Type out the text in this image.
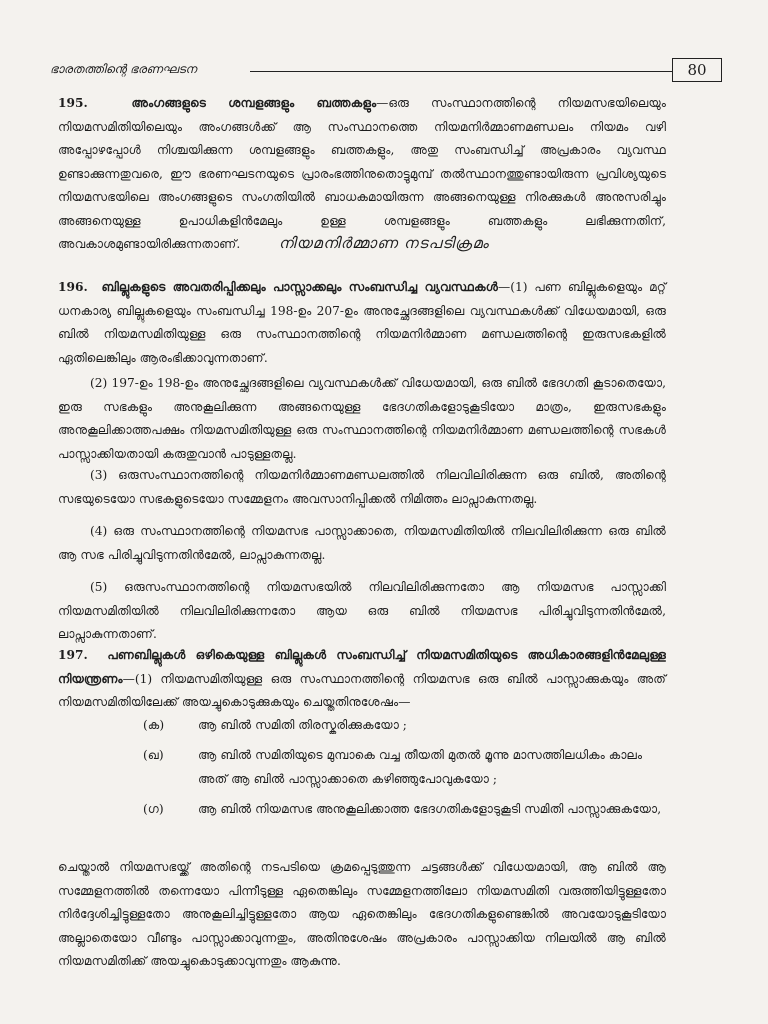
ഭാരതത്തിന്റെ ഭരണഘടന	80

195.	അംഗങ്ങളുടെ ശമ്പളങ്ങളും ബത്തകളും—ഒരു സംസ്ഥാനത്തിന്റെ നിയമസഭയിലെയും നിയമസമിതിയിലെയും അംഗങ്ങൾക്ക് ആ സംസ്ഥാനത്തെ നിയമനിർമ്മാണമണ്ഡലം നിയമം വഴി അപ്പോഴപ്പോൾ നിശ്ചയിക്കുന്ന ശമ്പളങ്ങളും ബത്തകളും, അതു സംബന്ധിച്ച് അപ്രകാരം വ്യവസ്ഥ ഉണ്ടാക്കുന്നതുവരെ, ഈ ഭരണഘടനയുടെ പ്രാരംഭത്തിനുതൊട്ടുമുമ്പ് തൽസ്ഥാനത്തുണ്ടായിരുന്ന പ്രവിശ്യയുടെ നിയമസഭയിലെ അംഗങ്ങളുടെ സംഗതിയിൽ ബാധകമായിരുന്ന അങ്ങനെയുള്ള നിരക്കുകൾ അനുസരിച്ചും അങ്ങനെയുള്ള ഉപാധികളിൻമേലും ഉള്ള ശമ്പളങ്ങളും ബത്തകളും ലഭിക്കുന്നതിന്, അവകാശമുണ്ടായിരിക്കുന്നതാണ്.	നിയമനിർമ്മാണ നടപടിക്രമം

196. ബില്ലുകളുടെ അവതരിപ്പിക്കലും പാസ്സാക്കലും സംബന്ധിച്ച വ്യവസ്ഥകൾ—(1) പണ ബില്ലുകളെയും മറ്റ് ധനകാര്യ ബില്ലുകളെയും സംബന്ധിച്ച 198-ഉം 207-ഉം അനുച്ഛേദങ്ങളിലെ വ്യവസ്ഥകൾക്ക് വിധേയമായി, ഒരു ബിൽ നിയമസമിതിയുള്ള ഒരു സംസ്ഥാനത്തിന്റെ നിയമനിർമ്മാണ മണ്ഡലത്തിന്റെ ഇരുസഭകളിൽ ഏതിലെങ്കിലും ആരംഭിക്കാവുന്നതാണ്.

(2) 197-ഉം 198-ഉം അനുച്ഛേദങ്ങളിലെ വ്യവസ്ഥകൾക്ക് വിധേയമായി, ഒരു ബിൽ ഭേദഗതി കൂടാതെയോ, ഇരു സഭകളും അനുകൂലിക്കുന്ന അങ്ങനെയുള്ള ഭേദഗതികളോടുകൂടിയോ മാത്രം, ഇരുസഭകളും അനുകൂലിക്കാത്തപക്ഷം നിയമസമിതിയുള്ള ഒരു സംസ്ഥാനത്തിന്റെ നിയമനിർമ്മാണ മണ്ഡലത്തിന്റെ സഭകൾ പാസ്സാക്കിയതായി കരുതുവാൻ പാടുള്ളതല്ല.

(3) ഒരുസംസ്ഥാനത്തിന്റെ നിയമനിർമ്മാണമണ്ഡലത്തിൽ നിലവിലിരിക്കുന്ന ഒരു ബിൽ, അതിന്റെ സഭയുടെയോ സഭകളുടെയോ സമ്മേളനം അവസാനിപ്പിക്കൽ നിമിത്തം ലാപ്സാകുന്നതല്ല.

(4) ഒരു സംസ്ഥാനത്തിന്റെ നിയമസഭ പാസ്സാക്കാതെ, നിയമസമിതിയിൽ നിലവിലിരിക്കുന്ന ഒരു ബിൽ ആ സഭ പിരിച്ചുവിടുന്നതിൻമേൽ, ലാപ്സാകുന്നതല്ല.

(5) ഒരുസംസ്ഥാനത്തിന്റെ നിയമസഭയിൽ നിലവിലിരിക്കുന്നതോ ആ നിയമസഭ പാസ്സാക്കി നിയമസമിതിയിൽ നിലവിലിരിക്കുന്നതോ ആയ ഒരു ബിൽ നിയമസഭ പിരിച്ചുവിടുന്നതിൻമേൽ, ലാപ്സാകുന്നതാണ്.

197. പണബില്ലുകൾ ഒഴികെയുള്ള ബില്ലുകൾ സംബന്ധിച്ച് നിയമസമിതിയുടെ അധികാരങ്ങളിൻമേലുള്ള നിയന്ത്രണം—(1) നിയമസമിതിയുള്ള ഒരു സംസ്ഥാനത്തിന്റെ നിയമസഭ ഒരു ബിൽ പാസ്സാക്കുകയും അത് നിയമസമിതിയിലേക്ക് അയച്ചുകൊടുക്കുകയും ചെയ്തതിനുശേഷം—

(ക)	ആ ബിൽ സമിതി തിരസ്കരിക്കുകയോ ;
(ഖ)	ആ ബിൽ സമിതിയുടെ മുമ്പാകെ വച്ച തീയതി മുതൽ മൂന്നു മാസത്തിലധികം കാലം അത് ആ ബിൽ പാസ്സാക്കാതെ കഴിഞ്ഞുപോവുകയോ ;
(ഗ)	ആ ബിൽ നിയമസഭ അനുകൂലിക്കാത്ത ഭേദഗതികളോടുകൂടി സമിതി പാസ്സാക്കുകയോ,

ചെയ്താൽ നിയമസഭയ്ക്ക് അതിന്റെ നടപടിയെ ക്രമപ്പെടുത്തുന്ന ചട്ടങ്ങൾക്ക് വിധേയമായി, ആ ബിൽ ആ സമ്മേളനത്തിൽ തന്നെയോ പിന്നീടുള്ള ഏതെങ്കിലും സമ്മേളനത്തിലോ നിയമസമിതി വരുത്തിയിട്ടുള്ളതോ നിർദ്ദേശിച്ചിട്ടുള്ളതോ അനുകൂലിച്ചിട്ടുള്ളതോ ആയ ഏതെങ്കിലും ഭേദഗതികളുണ്ടെങ്കിൽ അവയോടുകൂടിയോ അല്ലാതെയോ വീണ്ടും പാസ്സാക്കാവുന്നതും, അതിനുശേഷം അപ്രകാരം പാസ്സാക്കിയ നിലയിൽ ആ ബിൽ നിയമസമിതിക്ക് അയച്ചുകൊടുക്കാവുന്നതും ആകുന്നു.
